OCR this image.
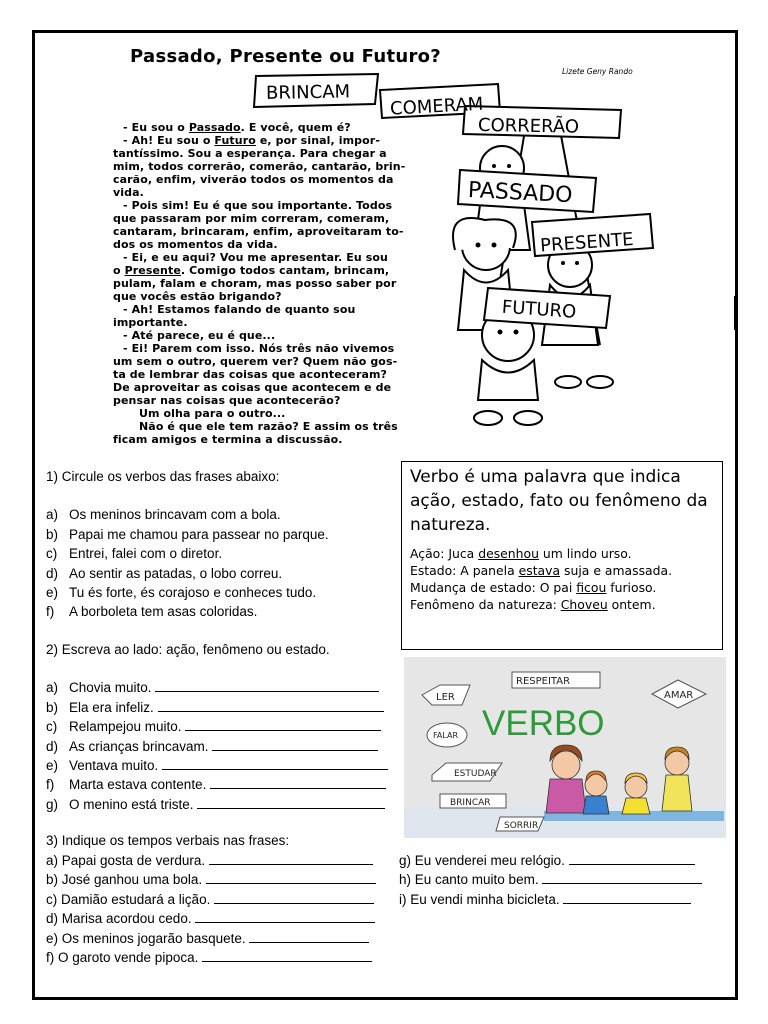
Passado, Presente ou Futuro?
Lizete Geny Rando
BRINCAM
COMERAM
CORRERÃO
PASSADO
PRESENTE
FUTURO

- Eu sou o Passado. E você, quem é?

- Ah! Eu sou o Futuro e, por sinal, impor-

tantíssimo. Sou a esperança. Para chegar a

mim, todos correrão, comerão, cantarão, brin-

carão, enfim, viverão todos os momentos da

vida.

- Pois sim! Eu é que sou importante. Todos

que passaram por mim correram, comeram,

cantaram, brincaram, enfim, aproveitaram to-

dos os momentos da vida.

- Ei, e eu aqui? Vou me apresentar. Eu sou

o Presente. Comigo todos cantam, brincam,

pulam, falam e choram, mas posso saber por

que vocês estão brigando?

- Ah! Estamos falando de quanto sou

importante.

- Até parece, eu é que...

- Ei! Parem com isso. Nós três não vivemos

um sem o outro, querem ver? Quem não gos-

ta de lembrar das coisas que aconteceram?

De aproveitar as coisas que acontecem e de

pensar nas coisas que acontecerão?

Um olha para o outro...

Não é que ele tem razão? E assim os três

ficam amigos e termina a discussão.

1) Circule os verbos das frases abaixo:
a) Os meninos brincavam com a bola.
b) Papai me chamou para passear no parque.
c) Entrei, falei com o diretor.
d) Ao sentir as patadas, o lobo correu.
e) Tu és forte, és corajoso e conheces tudo.
f)	A borboleta tem asas coloridas.
2) Escreva ao lado: ação, fenômeno ou estado.
a) Chovia muito.

b) Ela era infeliz.

c) Relampejou muito.

d) As crianças brincavam.

e) Ventava muito.

f)	Marta estava contente.

g) O menino está triste.

3) Indique os tempos verbais nas frases:
a) Papai gosta de verdura.
b) José ganhou uma bola.
c) Damião estudará a lição.
d) Marisa acordou cedo.
e) Os meninos jogarão basquete.
f) O garoto vende pipoca.
g) Eu venderei meu relógio.
h) Eu canto muito bem.
i) Eu vendi minha bicicleta.
Verbo é uma palavra que indica ação, estado, fato ou fenômeno da natureza.
Ação: Juca desenhou um lindo urso.
Estado: A panela estava suja e amassada.
Mudança de estado: O pai ficou furioso.
Fenômeno da natureza: Choveu ontem.
RESPEITAR
LER	AMAR
FALAR
ESTUDAR
BRINCAR
SORRIR
VERBO
